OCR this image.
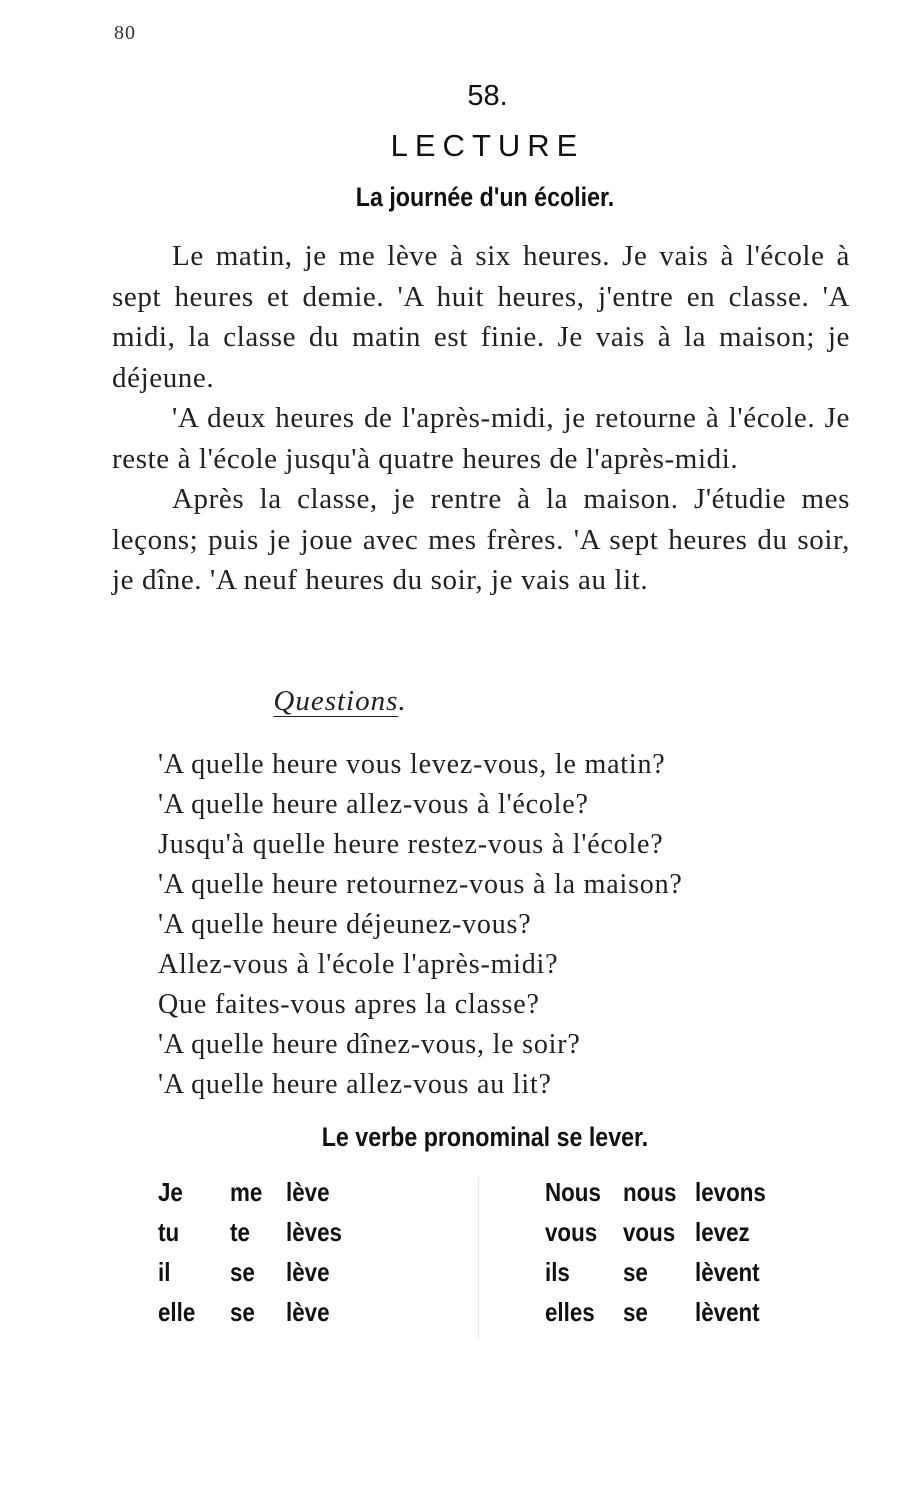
80
58.
LECTURE
La journée d'un écolier.

Le matin, je me lève à six heures. Je vais à l'école à sept heures et demie. 'A huit heures, j'entre en classe. 'A midi, la classe du matin est finie. Je vais à la maison; je déjeune.

'A deux heures de l'après-midi, je retourne à l'école. Je reste à l'école jusqu'à quatre heures de l'après-midi.

Après la classe, je rentre à la maison. J'étudie mes leçons; puis je joue avec mes frères. 'A sept heures du soir, je dîne. 'A neuf heures du soir, je vais au lit.

Questions.
'A quelle heure vous levez-vous, le matin?
'A quelle heure allez-vous à l'école?
Jusqu'à quelle heure restez-vous à l'école?
'A quelle heure retournez-vous à la maison?
'A quelle heure déjeunez-vous?
Allez-vous à l'école l'après-midi?
Que faites-vous apres la classe?
'A quelle heure dînez-vous, le soir?
'A quelle heure allez-vous au lit?
Le verbe pronominal se lever.
Je me lève
tu te lèves
il se lève
elle se lève
Nous nous levons
vous vous levez
ils se lèvent
elles se lèvent
